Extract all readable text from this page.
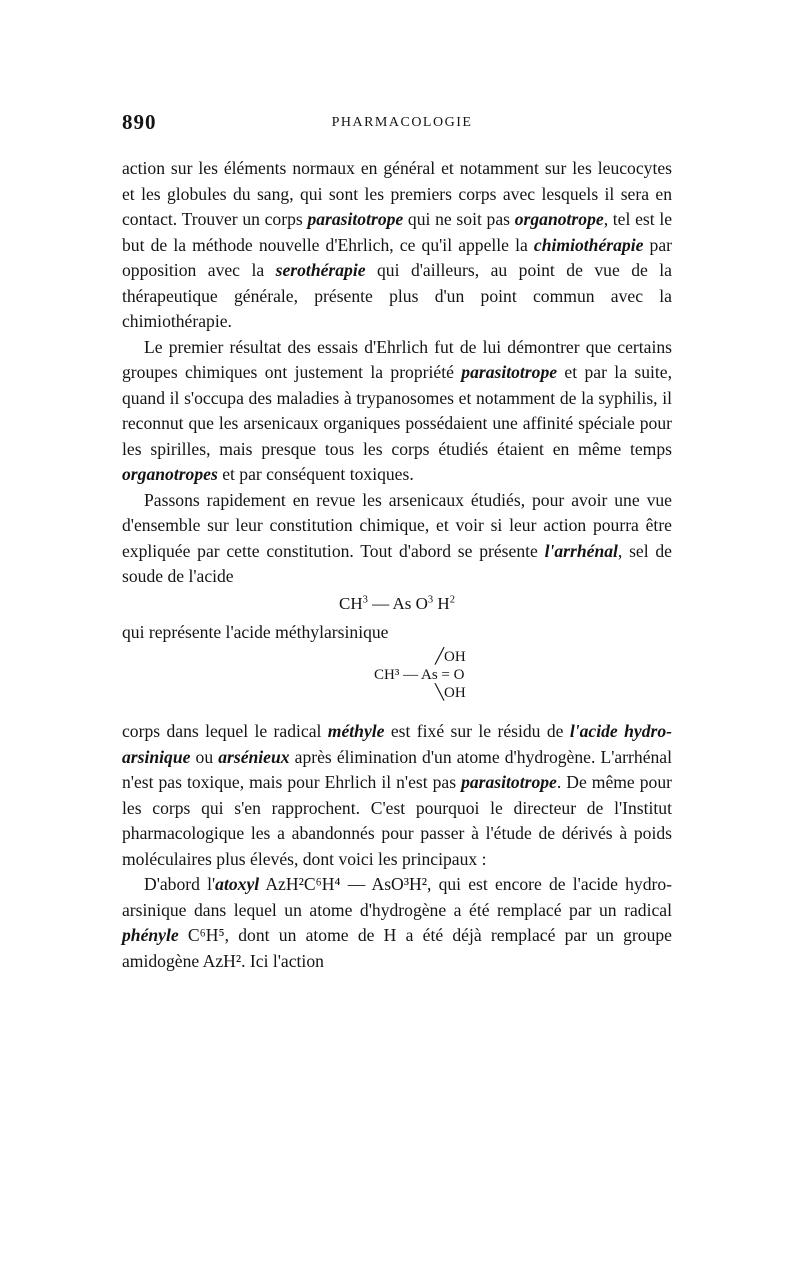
890	PHARMACOLOGIE

action sur les éléments normaux en général et notamment sur les leucocytes et les globules du sang, qui sont les premiers corps avec lesquels il sera en contact. Trouver un corps parasitotrope qui ne soit pas organotrope, tel est le but de la méthode nouvelle d'Ehrlich, ce qu'il appelle la chimiothérapie par opposition avec la serothérapie qui d'ailleurs, au point de vue de la thérapeutique générale, présente plus d'un point commun avec la chimiothérapie.

Le premier résultat des essais d'Ehrlich fut de lui démontrer que certains groupes chimiques ont justement la propriété parasitotrope et par la suite, quand il s'occupa des maladies à trypanosomes et notamment de la syphilis, il reconnut que les arsenicaux organiques possédaient une affinité spéciale pour les spirilles, mais presque tous les corps étudiés étaient en même temps organotropes et par conséquent toxiques.

Passons rapidement en revue les arsenicaux étudiés, pour avoir une vue d'ensemble sur leur constitution chimique, et voir si leur action pourra être expliquée par cette constitution. Tout d'abord se présente l'arrhénal, sel de soude de l'acide

$CH^3$ — As $O^3$ $H^2$

qui représente l'acide méthylarsinique

╱OH
CH³ — As = O
╲OH

corps dans lequel le radical méthyle est fixé sur le résidu de l'acide hydro-arsinique ou arsénieux après élimination d'un atome d'hydrogène. L'arrhénal n'est pas toxique, mais pour Ehrlich il n'est pas parasitotrope. De même pour les corps qui s'en rapprochent. C'est pourquoi le directeur de l'Institut pharmacologique les a abandonnés pour passer à l'étude de dérivés à poids moléculaires plus élevés, dont voici les principaux :

D'abord l'atoxyl AzH²C⁶H⁴ — AsO³H², qui est encore de l'acide hydro-arsinique dans lequel un atome d'hydrogène a été remplacé par un radical phényle C⁶H⁵, dont un atome de H a été déjà remplacé par un groupe amidogène AzH². Ici l'action
